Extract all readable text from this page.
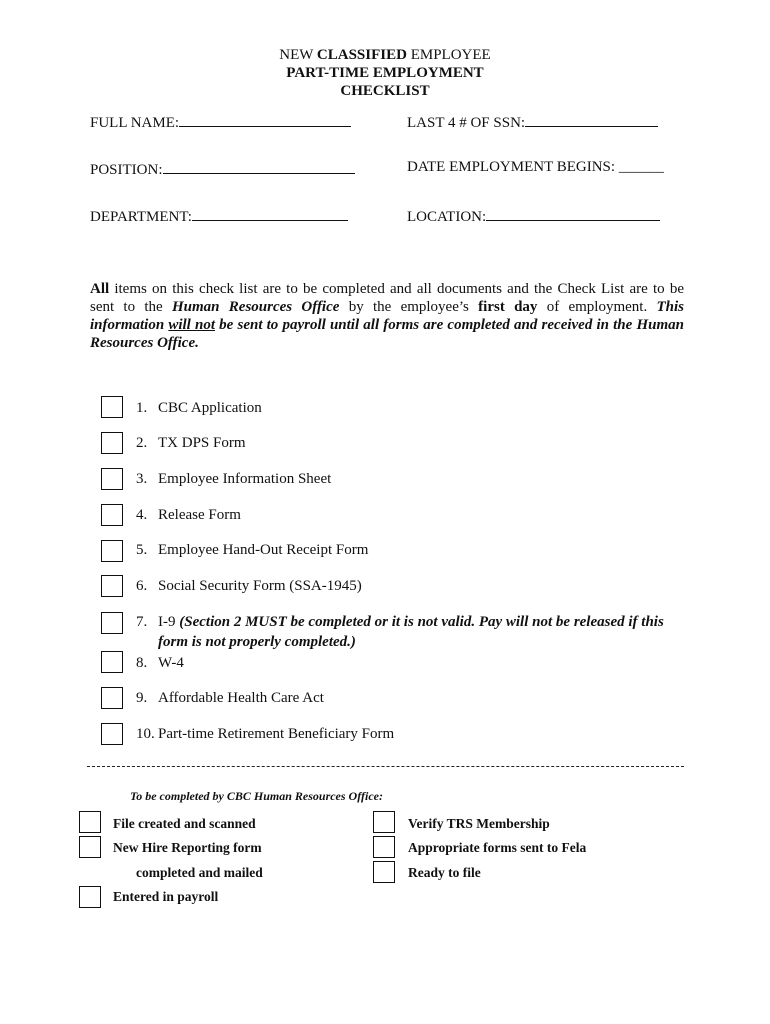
NEW CLASSIFIED EMPLOYEE
PART-TIME EMPLOYMENT
CHECKLIST
FULL NAME:	LAST 4 # OF SSN:
POSITION:	DATE EMPLOYMENT BEGINS: ______
DEPARTMENT:	LOCATION:
All items on this check list are to be completed and all documents and the Check List are to be sent to the Human Resources Office by the employee’s first day of employment. This information will not be sent to payroll until all forms are completed and received in the Human Resources Office.
1. CBC Application
2. TX DPS Form
3. Employee Information Sheet
4. Release Form
5. Employee Hand-Out Receipt Form
6. Social Security Form (SSA-1945)
7. I-9 (Section 2 MUST be completed or it is not valid. Pay will not be released if this
form is not properly completed.)
8. W-4
9. Affordable Health Care Act
10. Part-time Retirement Beneficiary Form
To be completed by CBC Human Resources Office:
File created and scanned
New Hire Reporting form
completed and mailed
Entered in payroll
Verify TRS Membership
Appropriate forms sent to Fela
Ready to file
